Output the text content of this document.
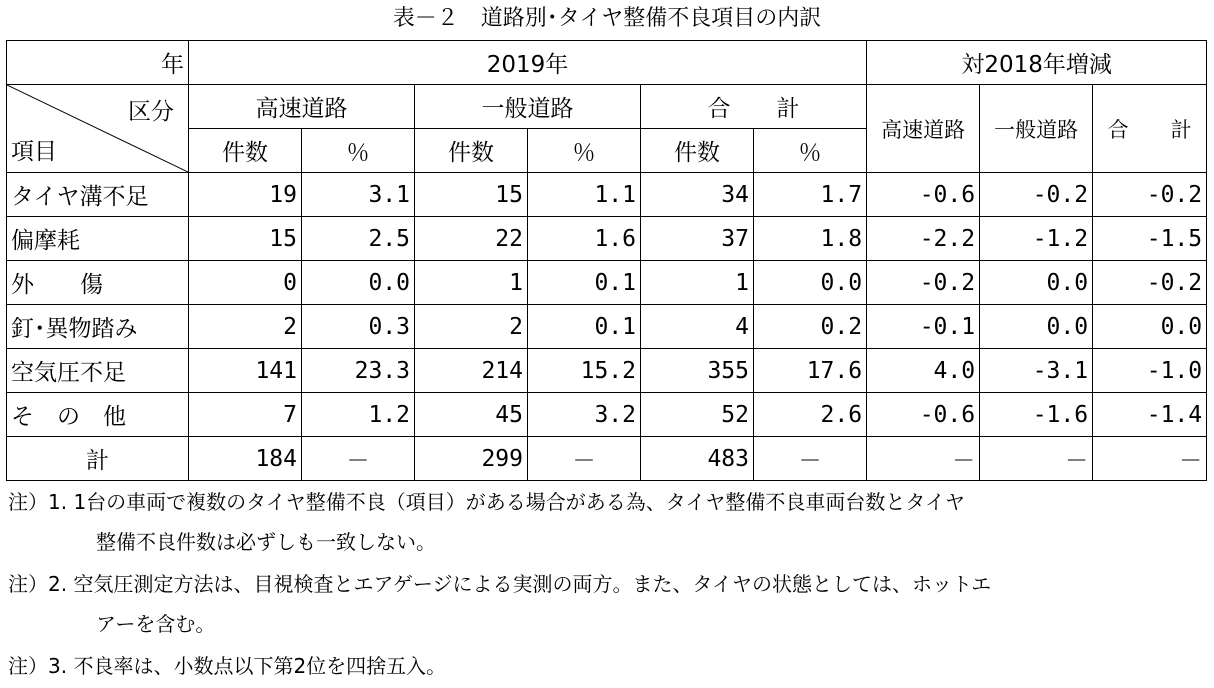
表－２　道路別･タイヤ整備不良項目の内訳
年	2019年						対2018年増減		

区分
項目	高速道路		一般道路		合　　計		高速道路	一般道路	合　　計
	件数	％	件数	％	件数	％			
タイヤ溝不足	19	3.1	15	1.1	34	1.7	-0.6	-0.2	-0.2
偏摩耗	15	2.5	22	1.6	37	1.8	-2.2	-1.2	-1.5
外　　傷	0	0.0	1	0.1	1	0.0	-0.2	0.0	-0.2
釘･異物踏み	2	0.3	2	0.1	4	0.2	-0.1	0.0	0.0
空気圧不足	141	23.3	214	15.2	355	17.6	4.0	-3.1	-1.0
そ　の　他	7	1.2	45	3.2	52	2.6	-0.6	-1.6	-1.4
計	184	－	299	－	483	－	－	－	－
注）1. 1台の車両で複数のタイヤ整備不良（項目）がある場合がある為、タイヤ整備不良車両台数とタイヤ
整備不良件数は必ずしも一致しない。
注）2. 空気圧測定方法は、目視検査とエアゲージによる実測の両方。また、タイヤの状態としては、ホットエ
アーを含む。
注）3. 不良率は、小数点以下第2位を四捨五入。
